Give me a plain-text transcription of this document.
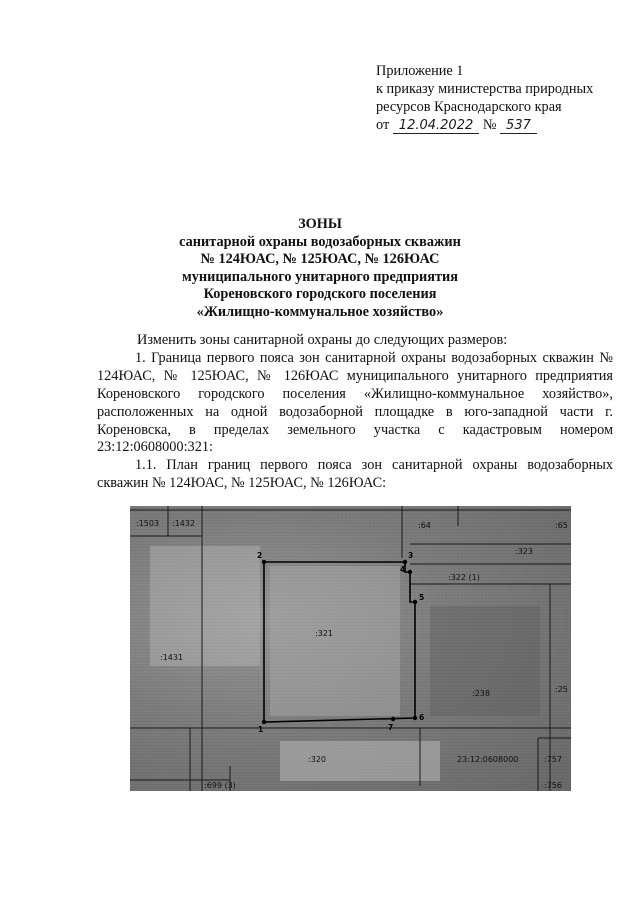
Приложение 1
к приказу министерства природных
ресурсов Краснодарского края
от 12.04.2022 № 537
ЗОНЫ
санитарной охраны водозаборных скважин
№ 124ЮАС, № 125ЮАС, № 126ЮАС
муниципального унитарного предприятия
Кореновского городского поселения
«Жилищно-коммунальное хозяйство»

Изменить зоны санитарной охраны до следующих размеров:

1. Граница первого пояса зон санитарной охраны водозаборных скважин № 124ЮАС, № 125ЮАС, № 126ЮАС муниципального унитарного предприятия Кореновского городского поселения «Жилищно-коммунальное хозяйство», расположенных на одной водозаборной площадке в юго-западной части г. Кореновска, в пределах земельного участка с кадастровым номером 23:12:0608000:321:

1.1. План границ первого пояса зон санитарной охраны водозаборных скважин № 124ЮАС, № 125ЮАС, № 126ЮАС:

2	3
4
5
6
7
1
:1503 :1432	:64	:65
:323
:322 (1)
:321
:1431
:238	:25
:320	23:12:0608000	:757
:699 (3)	:756
